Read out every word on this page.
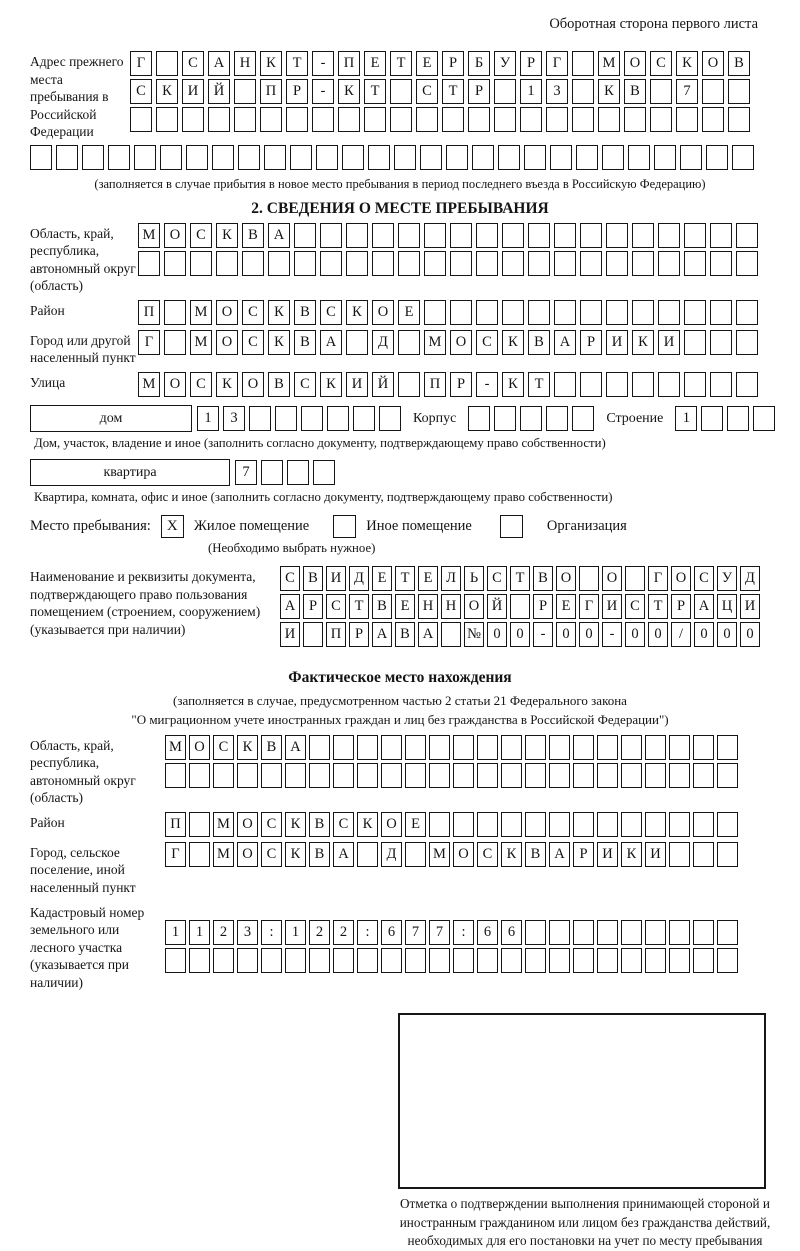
Оборотная сторона первого листа
Адрес прежнего места пребывания в Российской Федерации
Г	С	А	Н	К	Т	-	П	Е	Т	Е	Р	Б	У	Р	Г	М О	С	К	О	В
С	К	И	Й	П	Р	-	К	Т	С	Т	Р	1	3	К	В	7
(заполняется в случае прибытия в новое место пребывания в период последнего въезда в Российскую Федерацию)
2. СВЕДЕНИЯ О МЕСТЕ ПРЕБЫВАНИЯ
Область, край, республика, автономный округ (область)
М О	С	К	В	А
Район	П	М О	С	К	В	С	К	О	Е
Город или другой населенный пункт
Г	М О	С	К	В	А	Д	М О	С	К	В	А	Р	И	К	И
Улица	М О	С	К	О	В	С	К	И	Й	П	Р	-	К	Т
дом	1	3	Корпус	Строение	1
Дом, участок, владение и иное (заполнить согласно документу, подтверждающему право собственности)
квартира	7
Квартира, комната, офис и иное (заполнить согласно документу, подтверждающему право собственности)
Место пребывания:	X	Жилое помещение	Иное помещение	Организация
(Необходимо выбрать нужное)
Наименование и реквизиты документа, подтверждающего право пользования помещением (строением, сооружением) (указывается при наличии)
С В И Д Е Т Е Л Ь С Т В О	О	Г О С У Д
А Р С Т В Е Н Н О Й	Р	Е Г И С Т	Р А Ц И
И	П Р А В А	№ 0	0	-	0	0	-	0	0	/	0	0	0
Фактическое место нахождения
(заполняется в случае, предусмотренном частью 2 статьи 21 Федерального закона
"О миграционном учете иностранных граждан и лиц без гражданства в Российской Федерации")
Область, край, республика, автономный округ (область)
М О С К В А
Район	П	М О С К В С К О Е
Город, сельское поселение, иной населенный пункт
Г	М О С К В А	Д	М О С К В А	Р	И К И
Кадастровый номер земельного или лесного участка (указывается при наличии)
1	1	2	3	:	1	2	2	:	6	7	7	:	6	6
Отметка о подтверждении выполнения принимающей стороной и иностранным гражданином или лицом без гражданства действий, необходимых для его постановки на учет по месту пребывания
